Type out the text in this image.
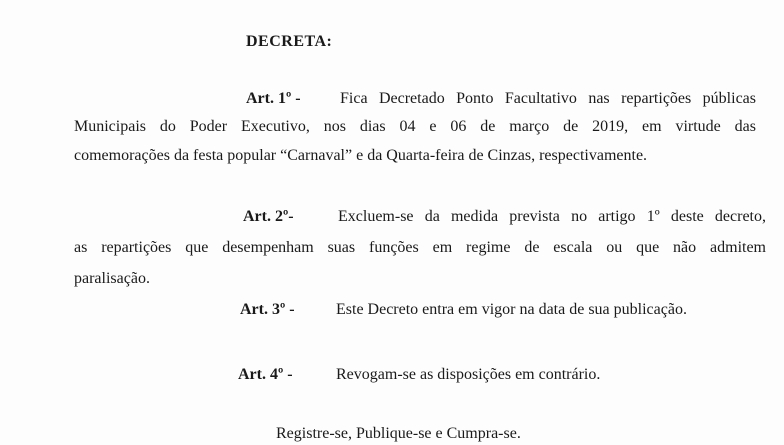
DECRETA:
Art. 1º - Fica Decretado Ponto Facultativo nas repartições públicas
Municipais do Poder Executivo, nos dias 04 e 06 de março de 2019, em virtude das
comemorações da festa popular “Carnaval” e da Quarta-feira de Cinzas, respectivamente.
Art. 2º-	Excluem-se da medida prevista no artigo 1º deste decreto,
as repartições que desempenham suas funções em regime de escala ou que não admitem
paralisação.
Art. 3º -	Este Decreto entra em vigor na data de sua publicação.
Art. 4º -	Revogam-se as disposições em contrário.
Registre-se, Publique-se e Cumpra-se.
